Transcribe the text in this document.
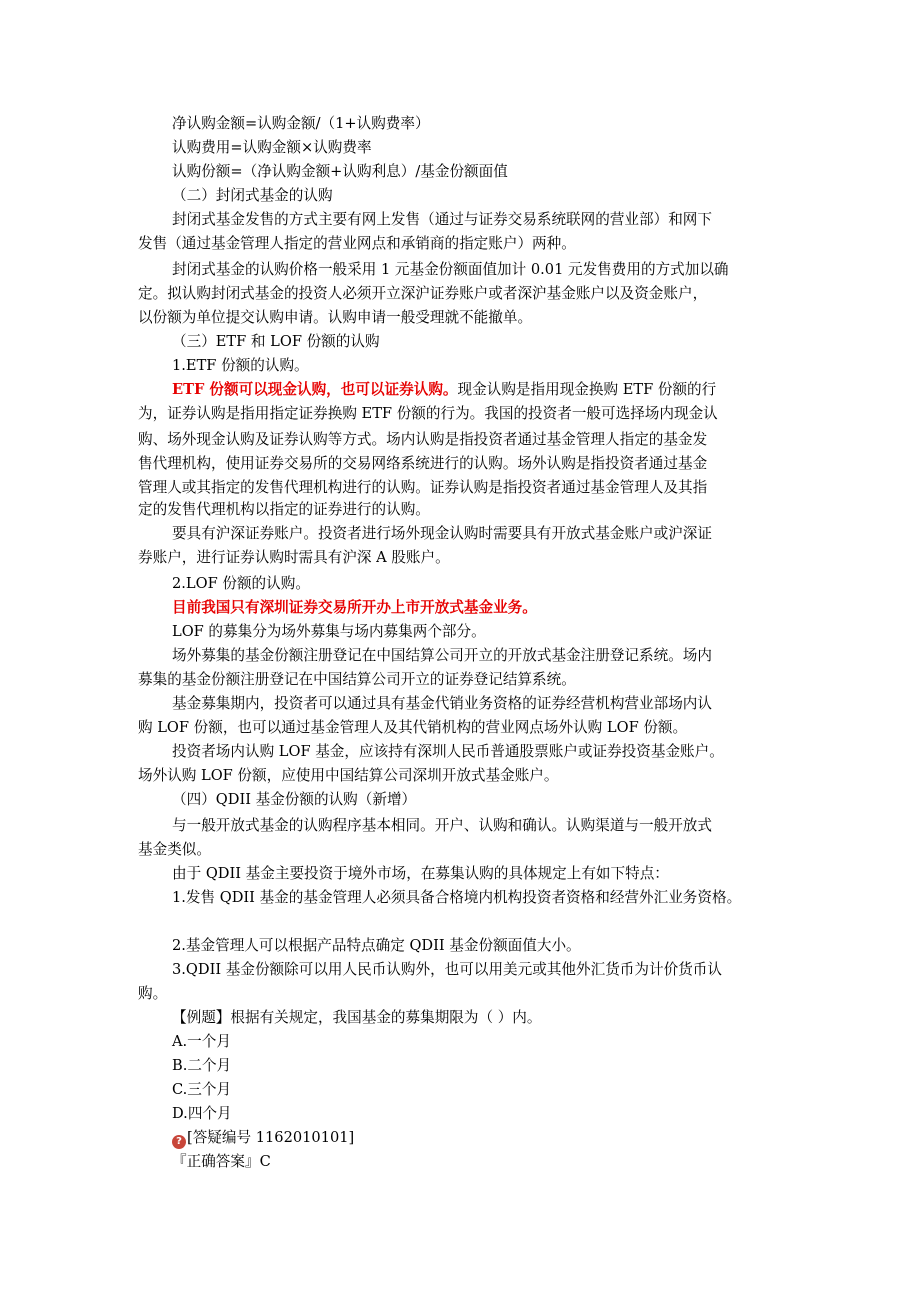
净认购金额=认购金额/（1+认购费率）
认购费用=认购金额×认购费率
认购份额=（净认购金额+认购利息）/基金份额面值
（二）封闭式基金的认购
封闭式基金发售的方式主要有网上发售（通过与证券交易系统联网的营业部）和网下
发售（通过基金管理人指定的营业网点和承销商的指定账户）两种。
封闭式基金的认购价格一般采用 1 元基金份额面值加计 0.01 元发售费用的方式加以确
定。拟认购封闭式基金的投资人必须开立深沪证券账户或者深沪基金账户以及资金账户，
以份额为单位提交认购申请。认购申请一般受理就不能撤单。
（三）ETF 和 LOF 份额的认购
1.ETF 份额的认购。
ETF 份额可以现金认购，也可以证券认购。现金认购是指用现金换购 ETF 份额的行
为，证券认购是指用指定证券换购 ETF 份额的行为。我国的投资者一般可选择场内现金认
购、场外现金认购及证券认购等方式。场内认购是指投资者通过基金管理人指定的基金发
售代理机构，使用证券交易所的交易网络系统进行的认购。场外认购是指投资者通过基金
管理人或其指定的发售代理机构进行的认购。证券认购是指投资者通过基金管理人及其指
定的发售代理机构以指定的证券进行的认购。
要具有沪深证券账户。投资者进行场外现金认购时需要具有开放式基金账户或沪深证
券账户，进行证券认购时需具有沪深 A 股账户。
2.LOF 份额的认购。
目前我国只有深圳证券交易所开办上市开放式基金业务。
LOF 的募集分为场外募集与场内募集两个部分。
场外募集的基金份额注册登记在中国结算公司开立的开放式基金注册登记系统。场内
募集的基金份额注册登记在中国结算公司开立的证券登记结算系统。
基金募集期内，投资者可以通过具有基金代销业务资格的证券经营机构营业部场内认
购 LOF 份额，也可以通过基金管理人及其代销机构的营业网点场外认购 LOF 份额。
投资者场内认购 LOF 基金，应该持有深圳人民币普通股票账户或证券投资基金账户。
场外认购 LOF 份额，应使用中国结算公司深圳开放式基金账户。
（四）QDII 基金份额的认购（新增）
与一般开放式基金的认购程序基本相同。开户、认购和确认。认购渠道与一般开放式
基金类似。
由于 QDII 基金主要投资于境外市场，在募集认购的具体规定上有如下特点：
1.发售 QDII 基金的基金管理人必须具备合格境内机构投资者资格和经营外汇业务资格。
2.基金管理人可以根据产品特点确定 QDII 基金份额面值大小。
3.QDII 基金份额除可以用人民币认购外，也可以用美元或其他外汇货币为计价货币认
购。
【例题】根据有关规定，我国基金的募集期限为（ ）内。
A.一个月
B.二个月
C.三个月
D.四个月
? [答疑编号 1162010101]
『正确答案』C
